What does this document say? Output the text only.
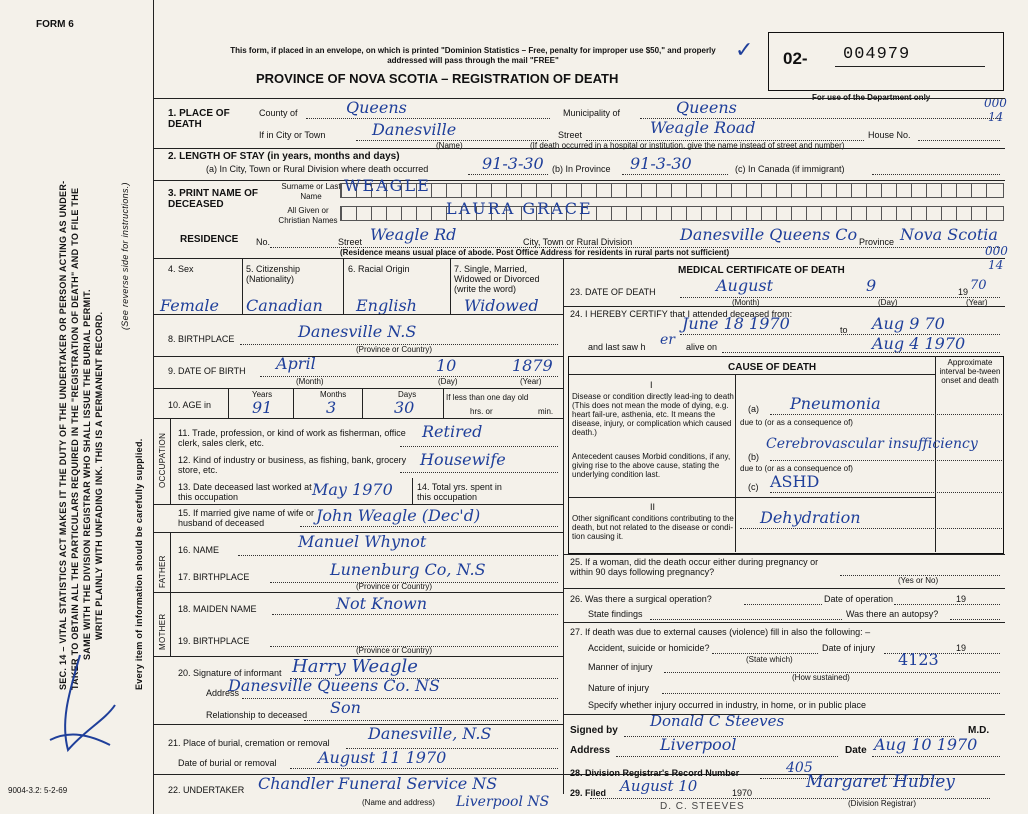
FORM 6
This form, if placed in an envelope, on which is printed "Dominion Statistics – Free, penalty for improper use $50," and properly addressed will pass through the mail "FREE"
PROVINCE OF NOVA SCOTIA – REGISTRATION OF DEATH
02- 004979
For use of the Department only	000
14
✓
SEC. 14 – VITAL STATISTICS ACT MAKES IT THE DUTY OF THE UNDERTAKER OR PERSON ACTING AS UNDER- TAKER TO OBTAIN ALL THE PARTICULARS REQUIRED IN THE "REGISTRATION OF DEATH" AND TO FILE THE SAME WITH THE DIVISION REGISTRAR WHO SHALL ISSUE THE BURIAL PERMIT. WRITE PLAINLY WITH UNFADING INK. THIS IS A PERMANENT RECORD.
(See reverse side for instructions.)
Every item of information should be carefully supplied.
9004-3.2: 5-2-69
1. PLACE OF DEATH
County of	Queens	Municipality of	Queens
If in City or Town	Danesville
(Name)
Street	Weagle Road	House No.
(If death occurred in a hospital or institution, give the name instead of street and number)
2. LENGTH OF STAY (in years, months and days)
(a) In City, Town or Rural Division where death occurred	91-3-30 (b) In Province 91-3-30	(c) In Canada (if immigrant)
3. PRINT NAME OF DECEASED
Surname or Last Name
WEAGLE
All Given or Christian Names
LAURA GRACE
RESIDENCE No.	Street Weagle Rd	City, Town or Rural Division	Danesville Queens Co Province Nova Scotia
(Residence means usual place of abode. Post Office Address for residents in rural parts not sufficient)	000
14
4. Sex	5. Citizenship (Nationality)
6. Racial Origin	7. Single, Married, Widowed or Divorced (write the word)
Female Canadian English	Widowed
8. BIRTHPLACE	Danesville N.S
(Province or Country)
9. DATE OF BIRTH April	10	1879
(Month)	(Day)	(Year)
10. AGE in
Years	Months	Days
91	3	30
If less than one day old
hrs. or	min.
OCCUPATION 11. Trade, profession, or kind of work as fisherman, office clerk, sales clerk, etc.
Retired
12. Kind of industry or business, as fishing, bank, grocery store, etc.
Housewife
13. Date deceased last worked at this occupation	May 1970	14. Total yrs. spent in this occupation
15. If married give name of wife or husband of deceased	John Weagle (Dec'd)
FATHER
16. NAME	Manuel Whynot
17. BIRTHPLACE	Lunenburg Co, N.S
(Province or Country)
MOTHER
18. MAIDEN NAME	Not Known
19. BIRTHPLACE
(Province or Country)
20. Signature of informant Harry Weagle
Address
Danesville Queens Co. NS
Relationship to deceased Son
21. Place of burial, cremation or removal Danesville, N.S
Date of burial or removal	August 11 1970
22. UNDERTAKER Chandler Funeral Service NS
Liverpool NS
(Name and address)
MEDICAL CERTIFICATE OF DEATH
23. DATE OF DEATH	August	9	19 70
(Month)	(Day)	(Year)
24. I HEREBY CERTIFY that I attended deceased from:
June 18 1970	to Aug 9 70
and last saw h er alive on	Aug 4 1970
CAUSE OF DEATH	Approximate interval be-tween onset and death
I
Disease or condition directly lead-ing to death (This does not mean the mode of dying, e.g. heart fail-ure, asthenia, etc. It means the disease, injury, or complication which caused death.)
(a) Pneumonia
due to (or as a consequence of)
Antecedent causes Morbid conditions, if any, giving rise to the above cause, stating the underlying condition last.
(b)
Cerebrovascular insufficiency
due to (or as a consequence of)
(c) ASHD
II
Other significant conditions contributing to the death, but not related to the disease or condi-tion causing it.
Dehydration
25. If a woman, did the death occur either during pregnancy or within 90 days following pregnancy?
(Yes or No)
26. Was there a surgical operation?	Date of operation	19
State findings	Was there an autopsy?
27. If death was due to external causes (violence) fill in also the following: –
Accident, suicide or homicide?	Date of injury	19
(State which)	4123
Manner of injury
(How sustained)
Nature of injury
Specify whether injury occurred in industry, in home, or in public place
Signed by
Donald C Steeves
M.D.
Address	Liverpool	Date Aug 10 1970
28. Division Registrar's Record Number	405
29. Filed August 10	1970
Margaret Hubley
(Division Registrar)
D. C. STEEVES
